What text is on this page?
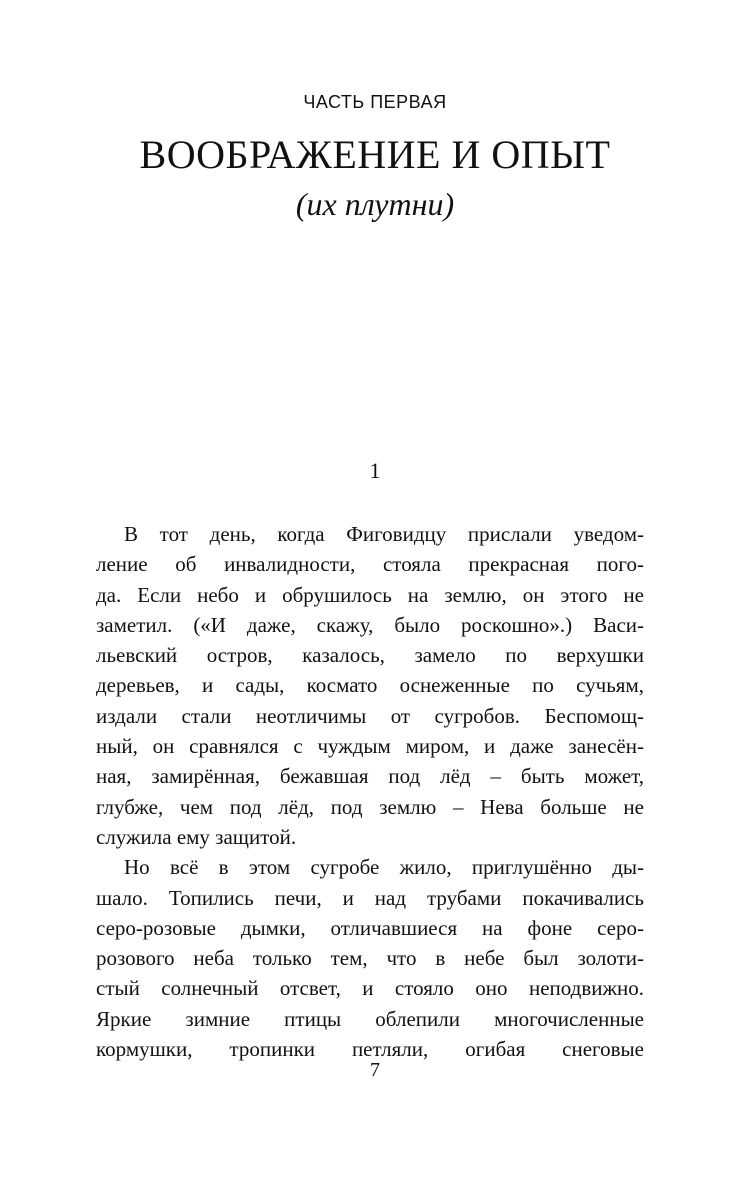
ЧАСТЬ ПЕРВАЯ
ВООБРАЖЕНИЕ И ОПЫТ
(их плутни)
1
В тот день, когда Фиговидцу прислали уведом-
ление об инвалидности, стояла прекрасная пого-
да. Если небо и обрушилось на землю, он этого не
заметил. («И даже, скажу, было роскошно».) Васи-
льевский остров, казалось, замело по верхушки
деревьев, и сады, космато оснеженные по сучьям,
издали стали неотличимы от сугробов. Беспомощ-
ный, он сравнялся с чуждым миром, и даже занесён-
ная, замирённая, бежавшая под лёд – быть может,
глубже, чем под лёд, под землю – Нева больше не
служила ему защитой.
Но всё в этом сугробе жило, приглушённо ды-
шало. Топились печи, и над трубами покачивались
серо-розовые дымки, отличавшиеся на фоне серо-
розового неба только тем, что в небе был золоти-
стый солнечный отсвет, и стояло оно неподвижно.
Яркие зимние птицы облепили многочисленные
кормушки, тропинки петляли, огибая снеговые
7
